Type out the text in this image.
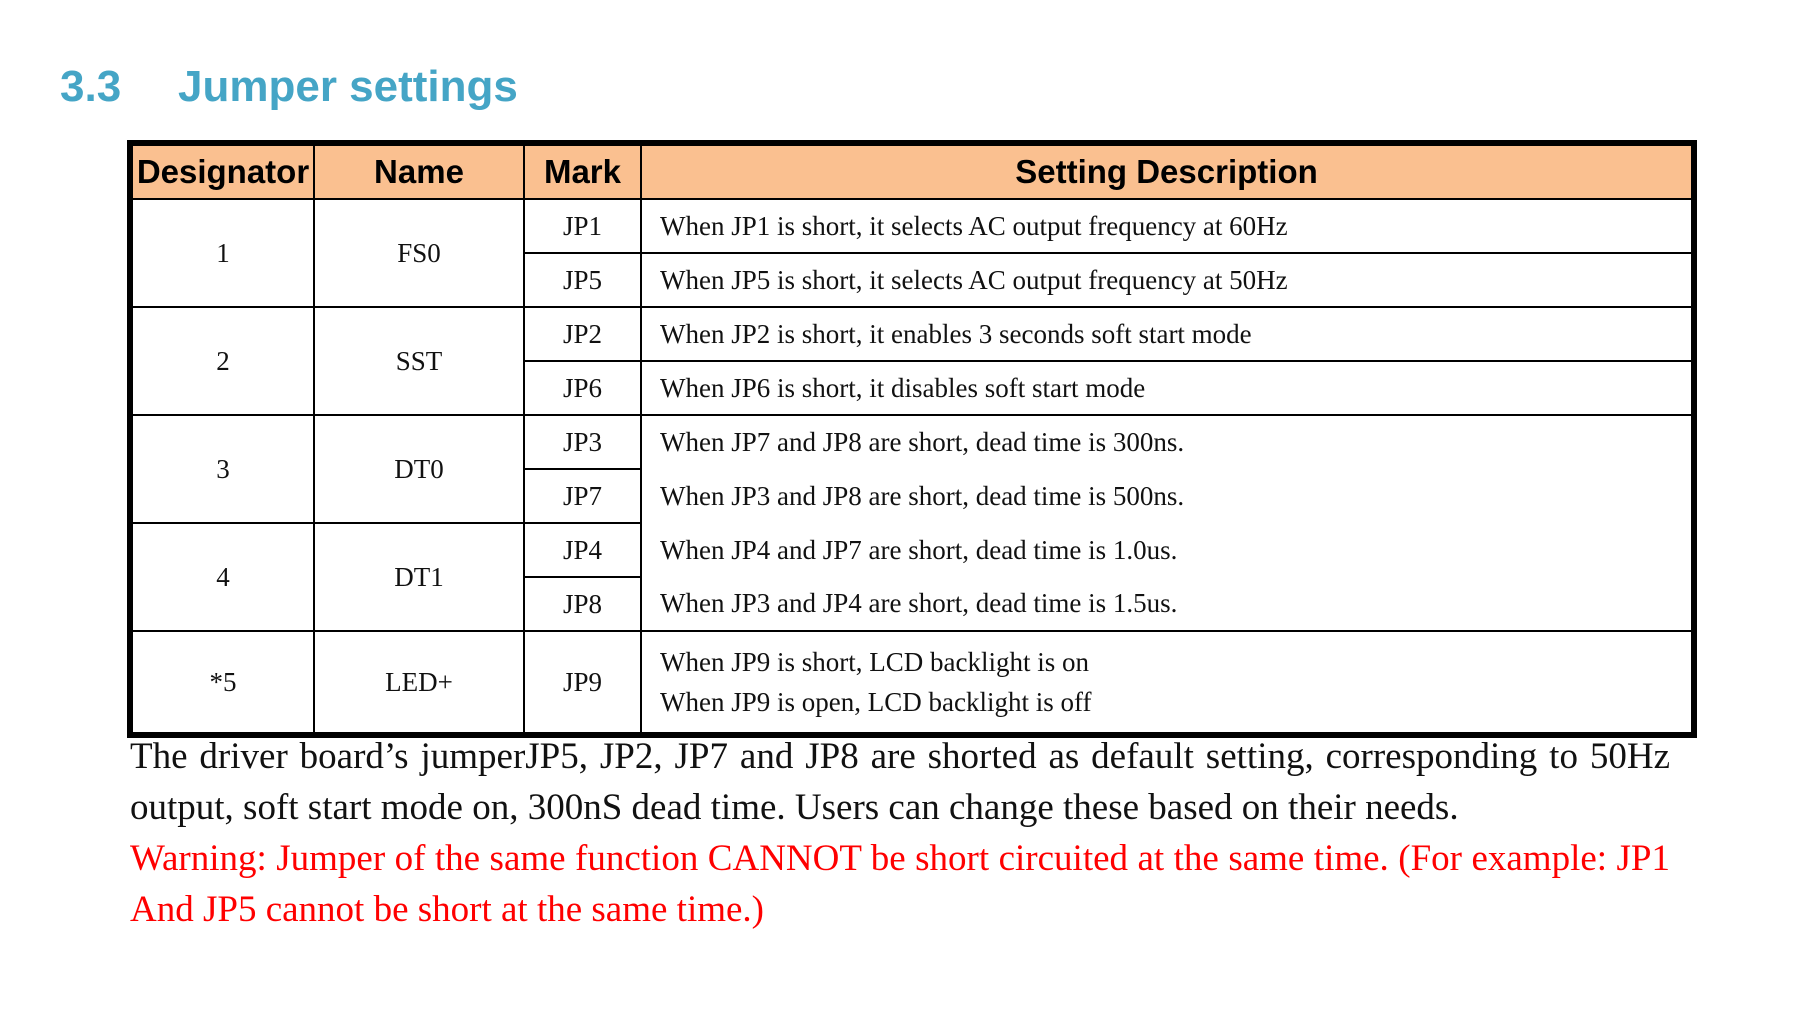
3.3 Jumper settings
Designator	Name	Mark	Setting Description
1	FS0	JP1	When JP1 is short, it selects AC output frequency at 60Hz
		JP5	When JP5 is short, it selects AC output frequency at 50Hz
2	SST	JP2	When JP2 is short, it enables 3 seconds soft start mode
		JP6	When JP6 is short, it disables soft start mode
3	DT0	JP3	When JP7 and JP8 are short, dead time is 300ns.
		JP7	When JP3 and JP8 are short, dead time is 500ns.
4	DT1	JP4	When JP4 and JP7 are short, dead time is 1.0us.
		JP8	When JP3 and JP4 are short, dead time is 1.5us.
*5	LED+	JP9	When JP9 is short, LCD backlight is on
When JP9 is open, LCD backlight is off
The driver board’s jumperJP5, JP2, JP7 and JP8 are shorted as default setting, corresponding to 50Hz output, soft start mode on, 300nS dead time. Users can change these based on their needs.
Warning: Jumper of the same function CANNOT be short circuited at the same time. (For example: JP1 And JP5 cannot be short at the same time.)
